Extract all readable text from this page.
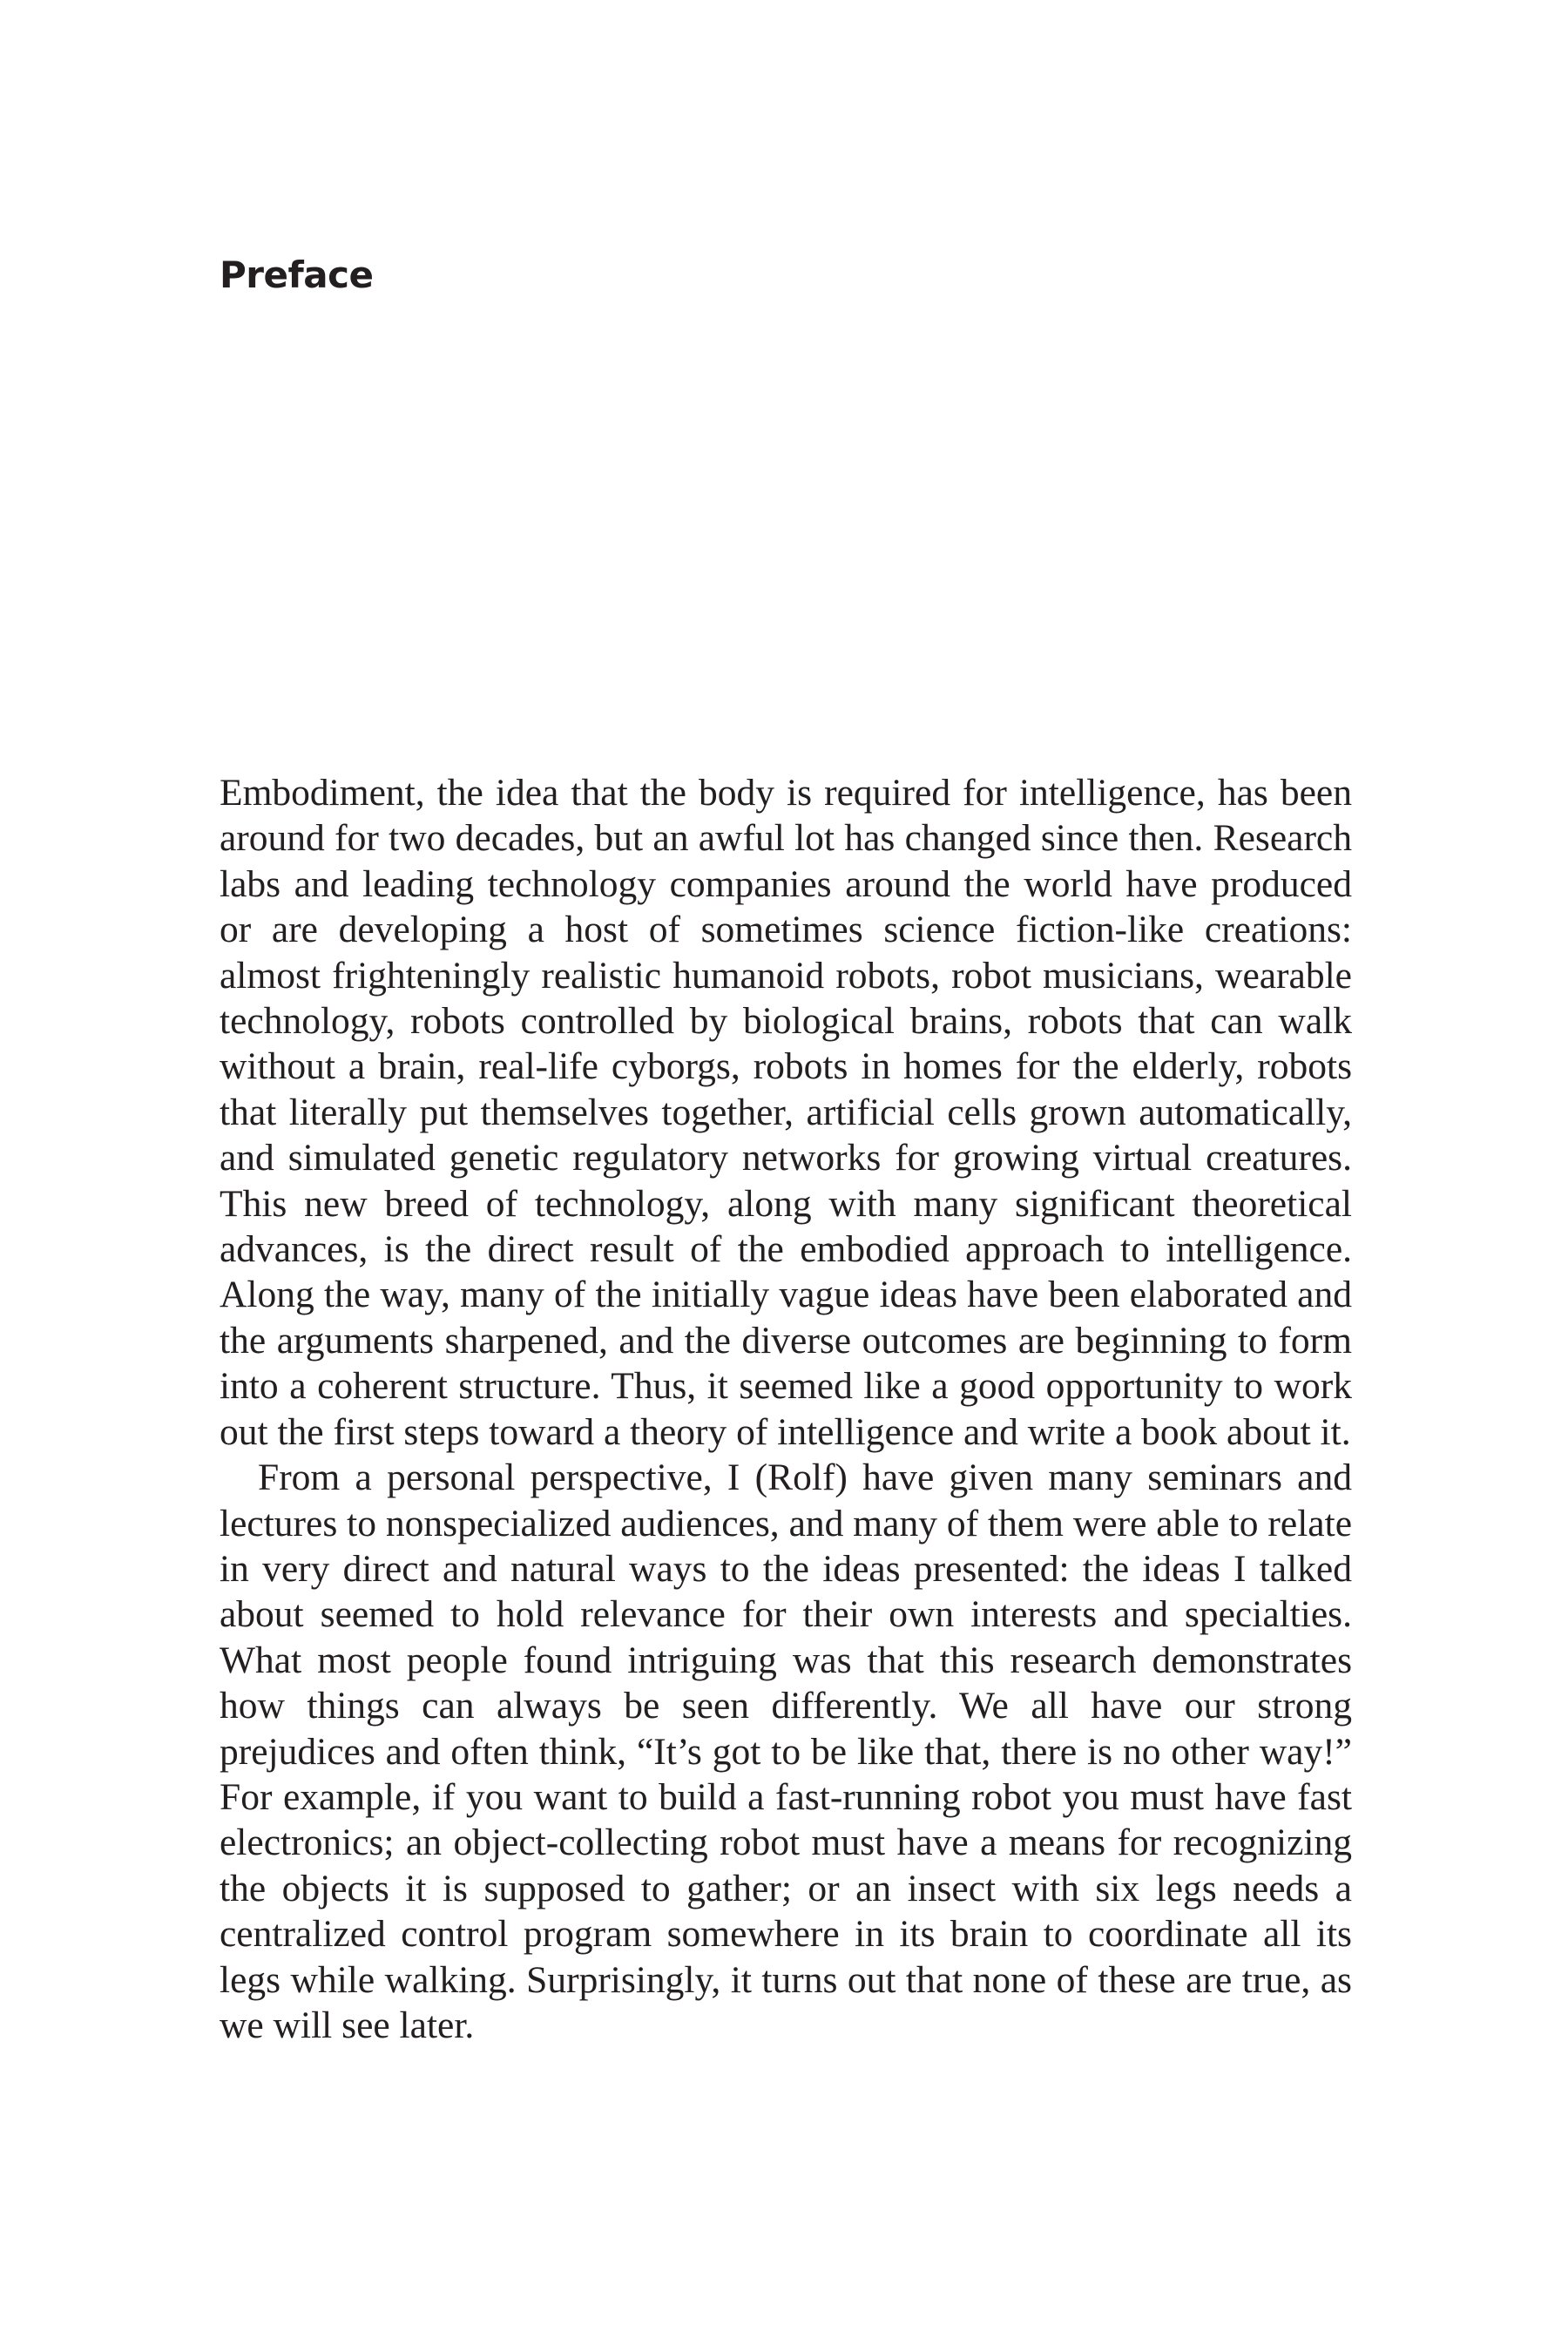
Preface

Embodiment, the idea that the body is required for intelligence, has been around for two decades, but an awful lot has changed since then. Research labs and leading technology companies around the world have produced or are developing a host of sometimes science fiction-like creations: almost frighteningly realistic humanoid robots, robot musicians, wearable technology, robots controlled by biological brains, robots that can walk without a brain, real-life cyborgs, robots in homes for the elderly, robots that literally put themselves together, artificial cells grown automatically, and simulated genetic regulatory networks for growing virtual creatures. This new breed of technology, along with many significant theoretical advances, is the direct result of the embodied approach to intelligence. Along the way, many of the initially vague ideas have been elaborated and the arguments sharpened, and the diverse outcomes are beginning to form into a coherent structure. Thus, it seemed like a good opportunity to work out the first steps toward a theory of intelligence and write a book about it.

From a personal perspective, I (Rolf) have given many seminars and lectures to nonspecialized audiences, and many of them were able to relate in very direct and natural ways to the ideas presented: the ideas I talked about seemed to hold relevance for their own interests and specialties. What most people found intriguing was that this research demonstrates how things can always be seen differently. We all have our strong prejudices and often think, “It’s got to be like that, there is no other way!” For example, if you want to build a fast-running robot you must have fast electronics; an object-collecting robot must have a means for recognizing the objects it is supposed to gather; or an insect with six legs needs a centralized control program somewhere in its brain to coordinate all its legs while walking. Surprisingly, it turns out that none of these are true, as we will see later.
